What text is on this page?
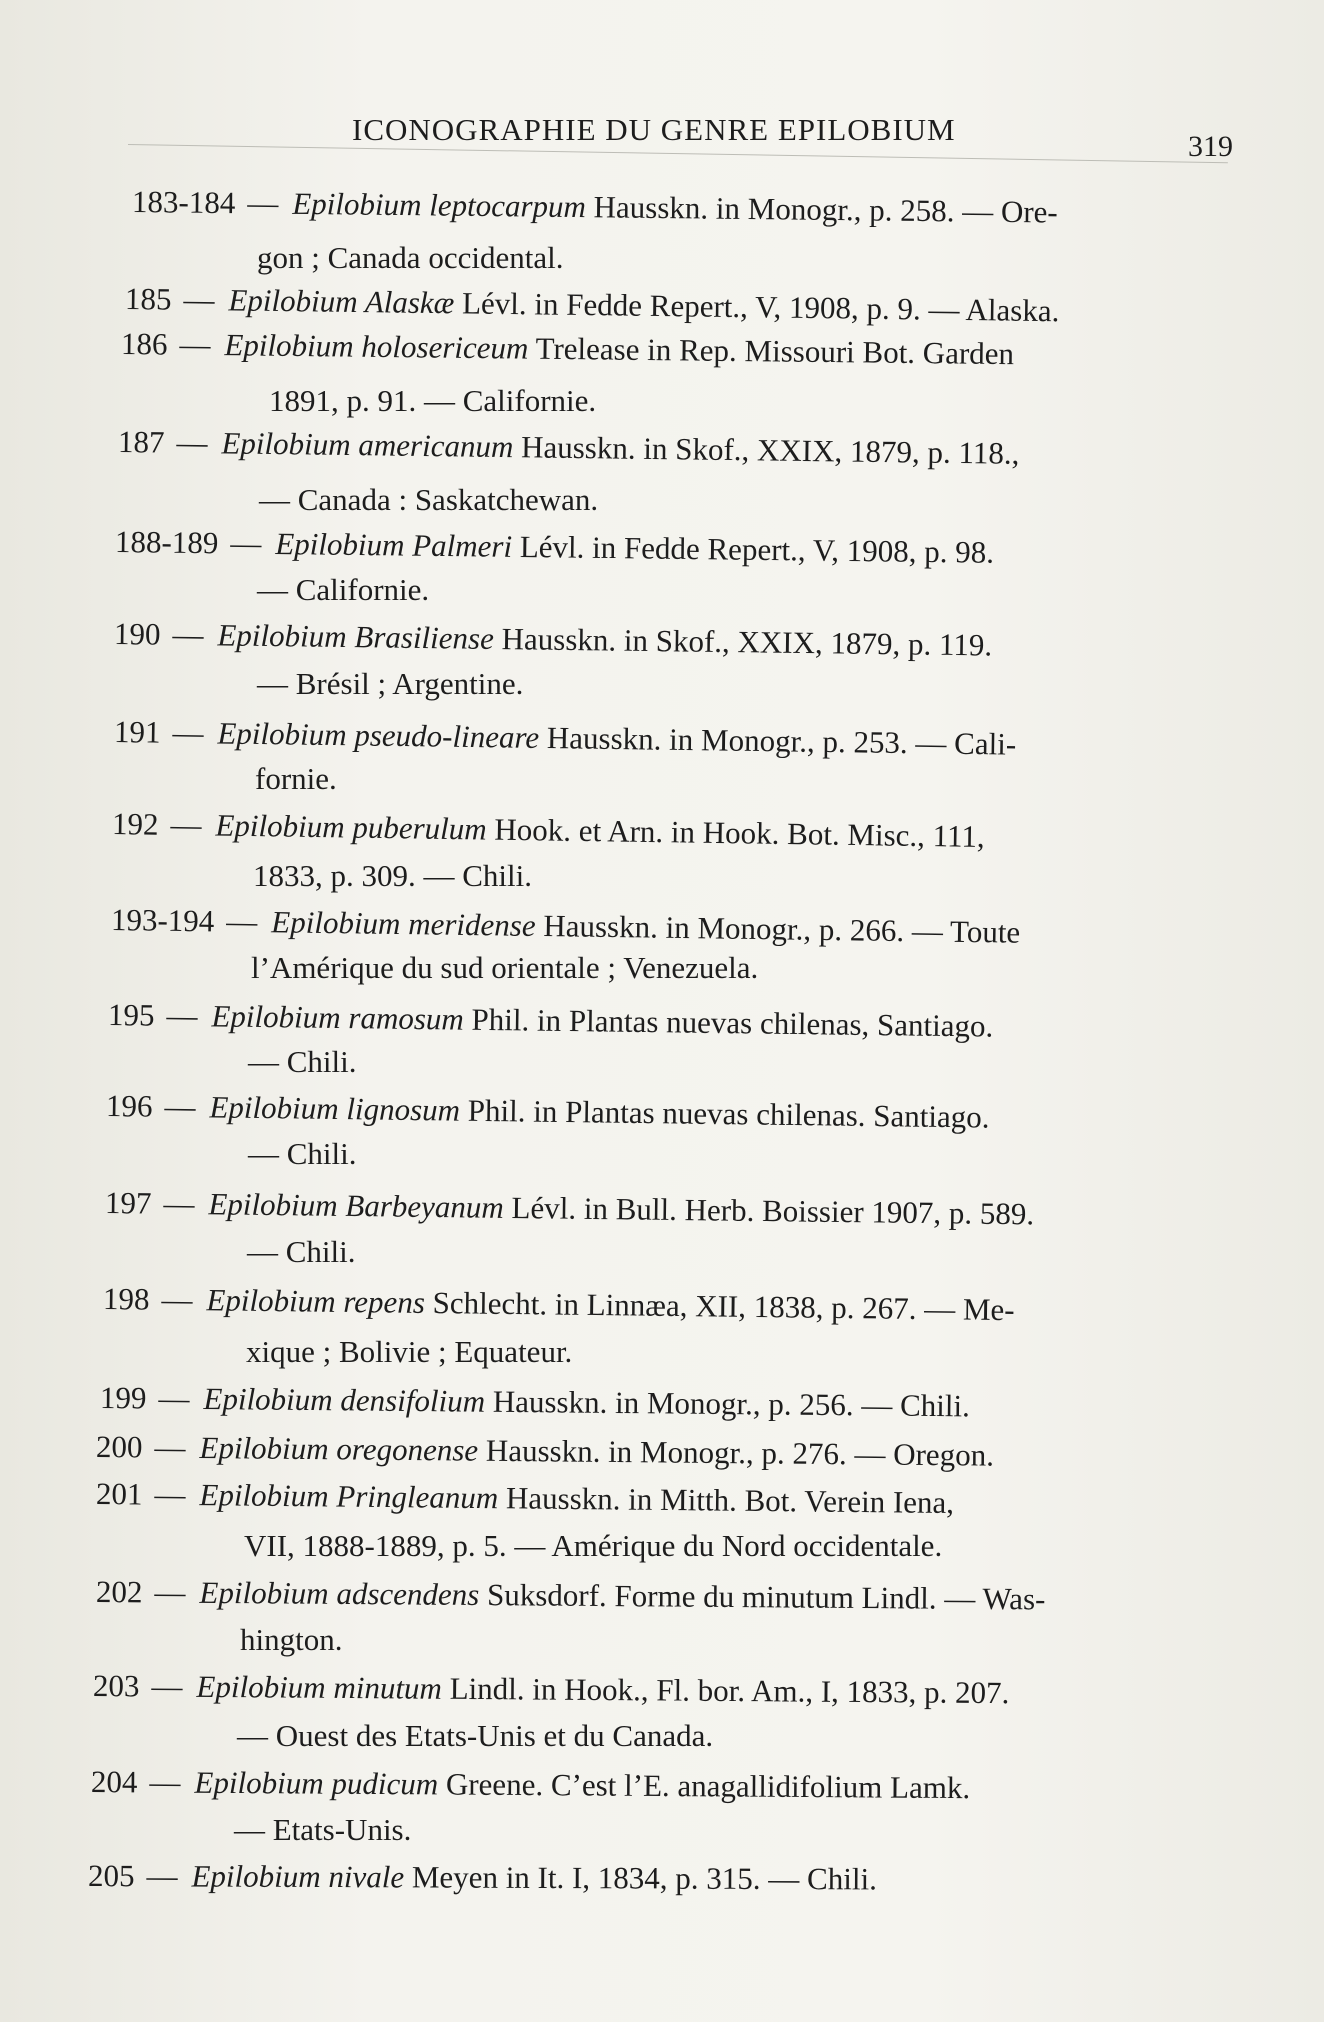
ICONOGRAPHIE DU GENRE EPILOBIUM	319
183-184 — Epilobium leptocarpum Hausskn. in Monogr., p. 258. — Ore-
gon ; Canada occidental.
185 — Epilobium Alaskæ Lévl. in Fedde Repert., V, 1908, p. 9. — Alaska.
186 — Epilobium holosericeum Trelease in Rep. Missouri Bot. Garden
1891, p. 91. — Californie.
187 — Epilobium americanum Hausskn. in Skof., XXIX, 1879, p. 118.,
— Canada : Saskatchewan.
188-189 — Epilobium Palmeri Lévl. in Fedde Repert., V, 1908, p. 98.
— Californie.
190 — Epilobium Brasiliense Hausskn. in Skof., XXIX, 1879, p. 119.
— Brésil ; Argentine.
191 — Epilobium pseudo-lineare Hausskn. in Monogr., p. 253. — Cali-
fornie.
192 — Epilobium puberulum Hook. et Arn. in Hook. Bot. Misc., 111,
1833, p. 309. — Chili.
193-194 — Epilobium meridense Hausskn. in Monogr., p. 266. — Toute
l’Amérique du sud orientale ; Venezuela.
195 — Epilobium ramosum Phil. in Plantas nuevas chilenas, Santiago.
— Chili.
196 — Epilobium lignosum Phil. in Plantas nuevas chilenas. Santiago.
— Chili.
197 — Epilobium Barbeyanum Lévl. in Bull. Herb. Boissier 1907, p. 589.
— Chili.
198 — Epilobium repens Schlecht. in Linnæa, XII, 1838, p. 267. — Me-
xique ; Bolivie ; Equateur.
199 — Epilobium densifolium Hausskn. in Monogr., p. 256. — Chili.
200 — Epilobium oregonense Hausskn. in Monogr., p. 276. — Oregon.
201 — Epilobium Pringleanum Hausskn. in Mitth. Bot. Verein Iena,
VII, 1888-1889, p. 5. — Amérique du Nord occidentale.
202 — Epilobium adscendens Suksdorf. Forme du minutum Lindl. — Was-
hington.
203 — Epilobium minutum Lindl. in Hook., Fl. bor. Am., I, 1833, p. 207.
— Ouest des Etats-Unis et du Canada.
204 — Epilobium pudicum Greene. C’est l’E. anagallidifolium Lamk.
— Etats-Unis.
205 — Epilobium nivale Meyen in It. I, 1834, p. 315. — Chili.
